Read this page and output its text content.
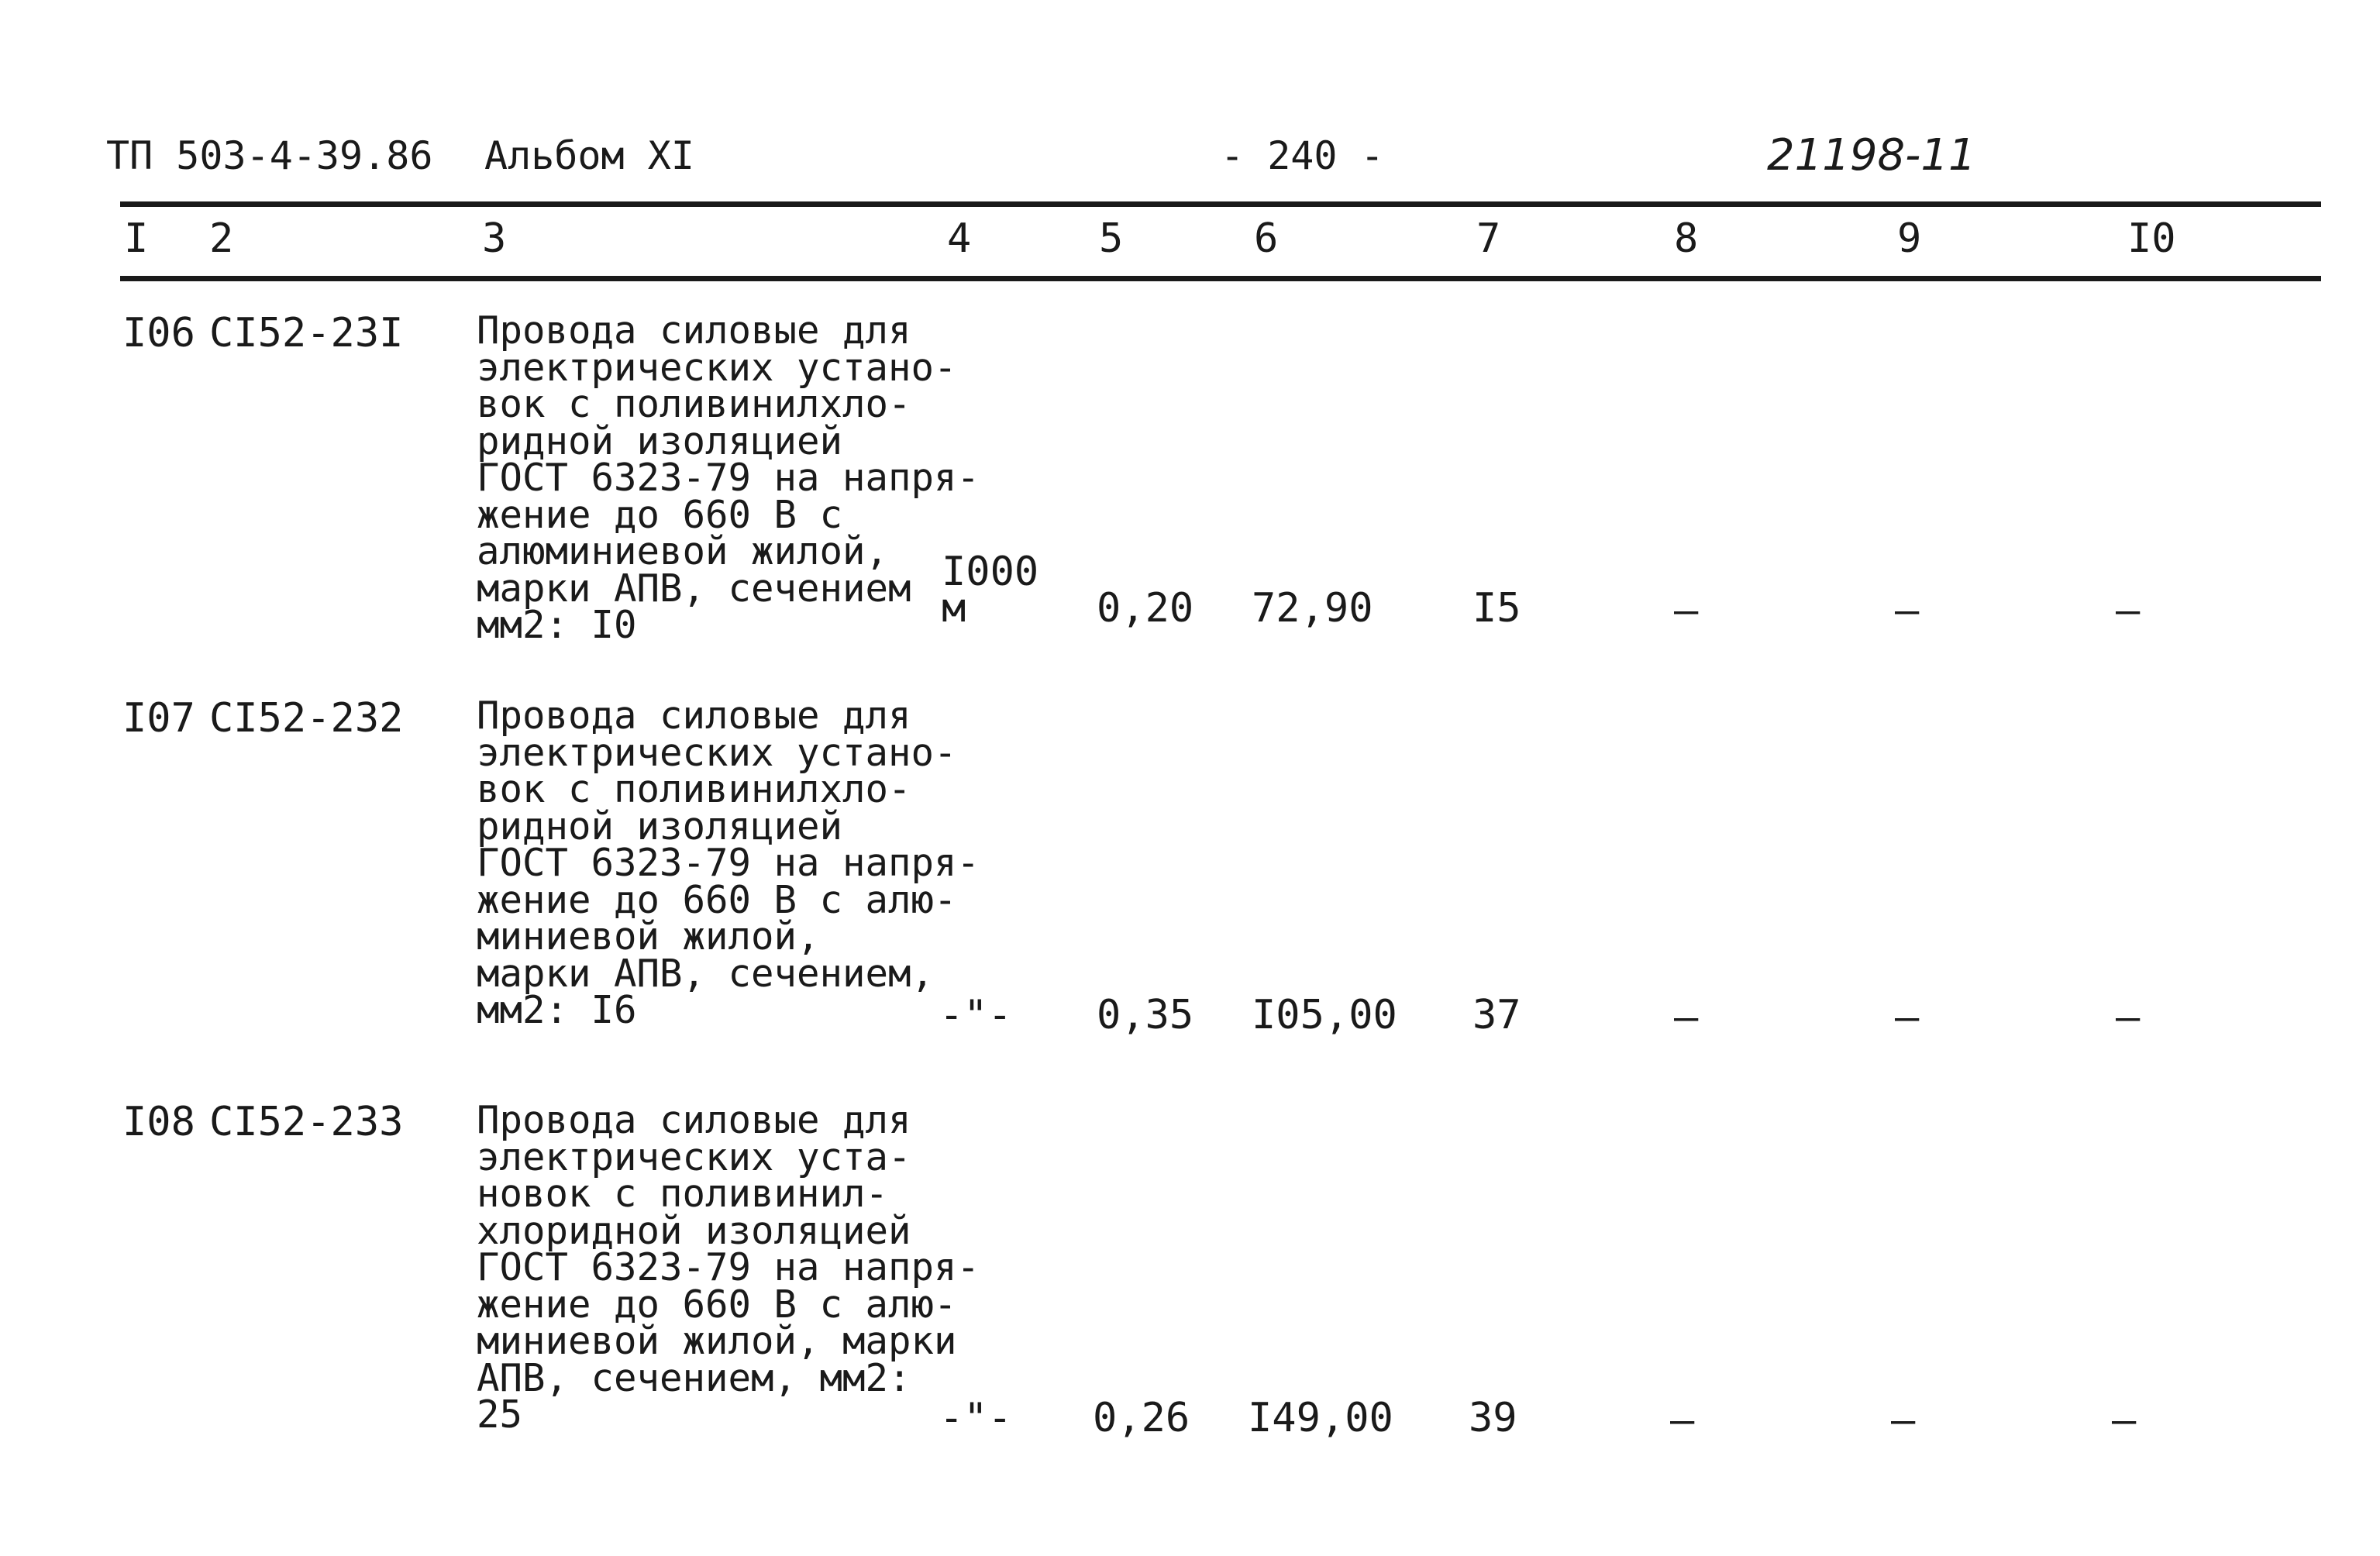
ТП 503-4-39.86 Альбом XI	- 240 -	21198-11
I 2	3	4	5	6	7	8	9	I0
I06 СI52-23I Провода силовые для
электрических устано-
вок с поливинилхло-
ридной изоляцией
ГОСТ 6323-79 на напря-
жение до 660 В с
алюминиевой жилой,
марки АПВ, сечением
мм2: I0
I000
м	0,20 72,90 I5	–	–	–
I07 СI52-232 Провода силовые для
электрических устано-
вок с поливинилхло-
ридной изоляцией
ГОСТ 6323-79 на напря-
жение до 660 В с алю-
миниевой жилой,
марки АПВ, сечением,
мм2: I6	-"- 0,35 I05,00 37	–	–	–
I08 СI52-233 Провода силовые для
электрических уста-
новок с поливинил-
хлоридной изоляцией
ГОСТ 6323-79 на напря-
жение до 660 В с алю-
миниевой жилой, марки
АПВ, сечением, мм2:
25	-"- 0,26 I49,00 39	–	–	–
